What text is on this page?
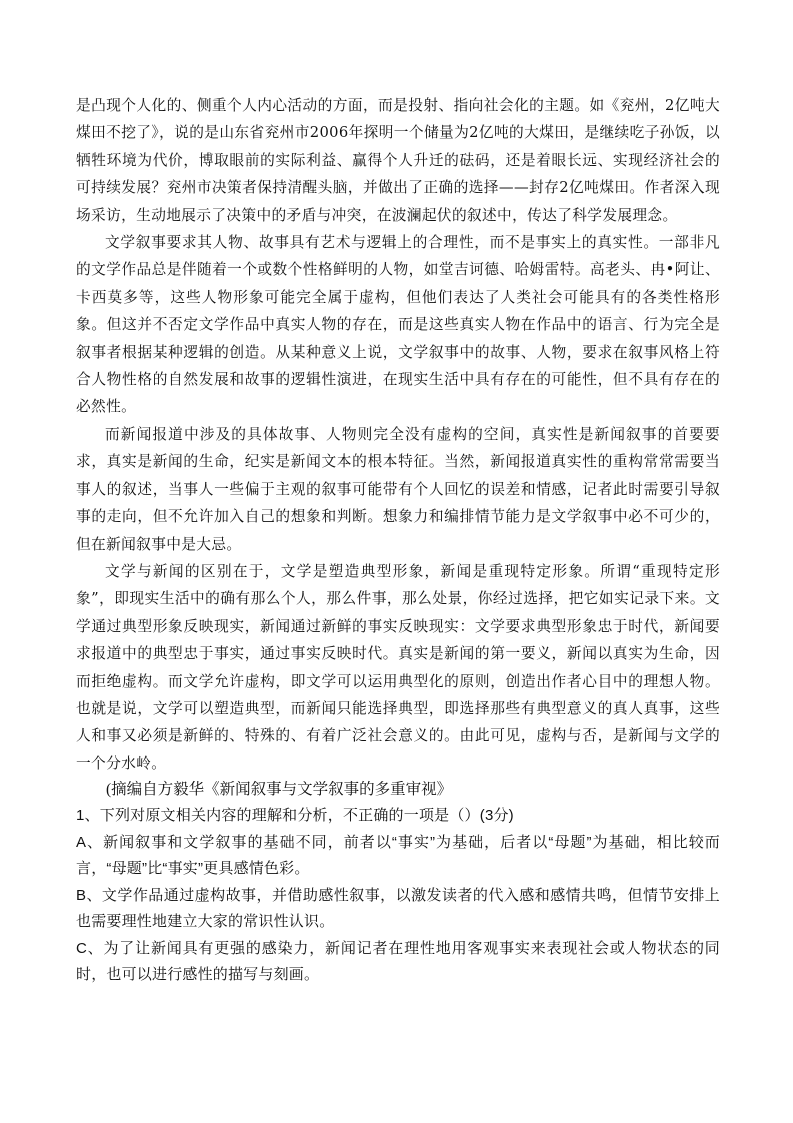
是凸现个人化的、侧重个人内心活动的方面，而是投射、指向社会化的主题。如《兖州，2亿吨大煤田不挖了》，说的是山东省兖州市2006年探明一个储量为2亿吨的大煤田，是继续吃子孙饭，以牺牲环境为代价，博取眼前的实际利益、赢得个人升迁的砝码，还是着眼长远、实现经济社会的可持续发展？兖州市决策者保持清醒头脑，并做出了正确的选择——封存2亿吨煤田。作者深入现场采访，生动地展示了决策中的矛盾与冲突，在波澜起伏的叙述中，传达了科学发展理念。

文学叙事要求其人物、故事具有艺术与逻辑上的合理性，而不是事实上的真实性。一部非凡的文学作品总是伴随着一个或数个性格鲜明的人物，如堂吉诃德、哈姆雷特。高老头、冉•阿让、卡西莫多等，这些人物形象可能完全属于虚构，但他们表达了人类社会可能具有的各类性格形象。但这并不否定文学作品中真实人物的存在，而是这些真实人物在作品中的语言、行为完全是叙事者根据某种逻辑的创造。从某种意义上说，文学叙事中的故事、人物，要求在叙事风格上符合人物性格的自然发展和故事的逻辑性演进，在现实生活中具有存在的可能性，但不具有存在的必然性。

而新闻报道中涉及的具体故事、人物则完全没有虚构的空间，真实性是新闻叙事的首要要求，真实是新闻的生命，纪实是新闻文本的根本特征。当然，新闻报道真实性的重构常常需要当事人的叙述，当事人一些偏于主观的叙事可能带有个人回忆的误差和情感，记者此时需要引导叙事的走向，但不允许加入自己的想象和判断。想象力和编排情节能力是文学叙事中必不可少的，但在新闻叙事中是大忌。

文学与新闻的区别在于，文学是塑造典型形象，新闻是重现特定形象。所谓“重现特定形象”，即现实生活中的确有那么个人，那么件事，那么处景，你经过选择，把它如实记录下来。文学通过典型形象反映现实，新闻通过新鲜的事实反映现实：文学要求典型形象忠于时代，新闻要求报道中的典型忠于事实，通过事实反映时代。真实是新闻的第一要义，新闻以真实为生命，因而拒绝虚构。而文学允许虚构，即文学可以运用典型化的原则，创造出作者心目中的理想人物。也就是说，文学可以塑造典型，而新闻只能选择典型，即选择那些有典型意义的真人真事，这些人和事又必须是新鲜的、特殊的、有着广泛社会意义的。由此可见，虚构与否，是新闻与文学的一个分水岭。

(摘编自方毅华《新闻叙事与文学叙事的多重审视》

1、下列对原文相关内容的理解和分析，不正确的一项是（）(3分)

A、新闻叙事和文学叙事的基础不同，前者以“事实”为基础，后者以“母题”为基础，相比较而言，“母题”比“事实”更具感情色彩。

B、文学作品通过虚构故事，并借助感性叙事，以激发读者的代入感和感情共鸣，但情节安排上也需要理性地建立大家的常识性认识。

C、为了让新闻具有更强的感染力，新闻记者在理性地用客观事实来表现社会或人物状态的同时，也可以进行感性的描写与刻画。
